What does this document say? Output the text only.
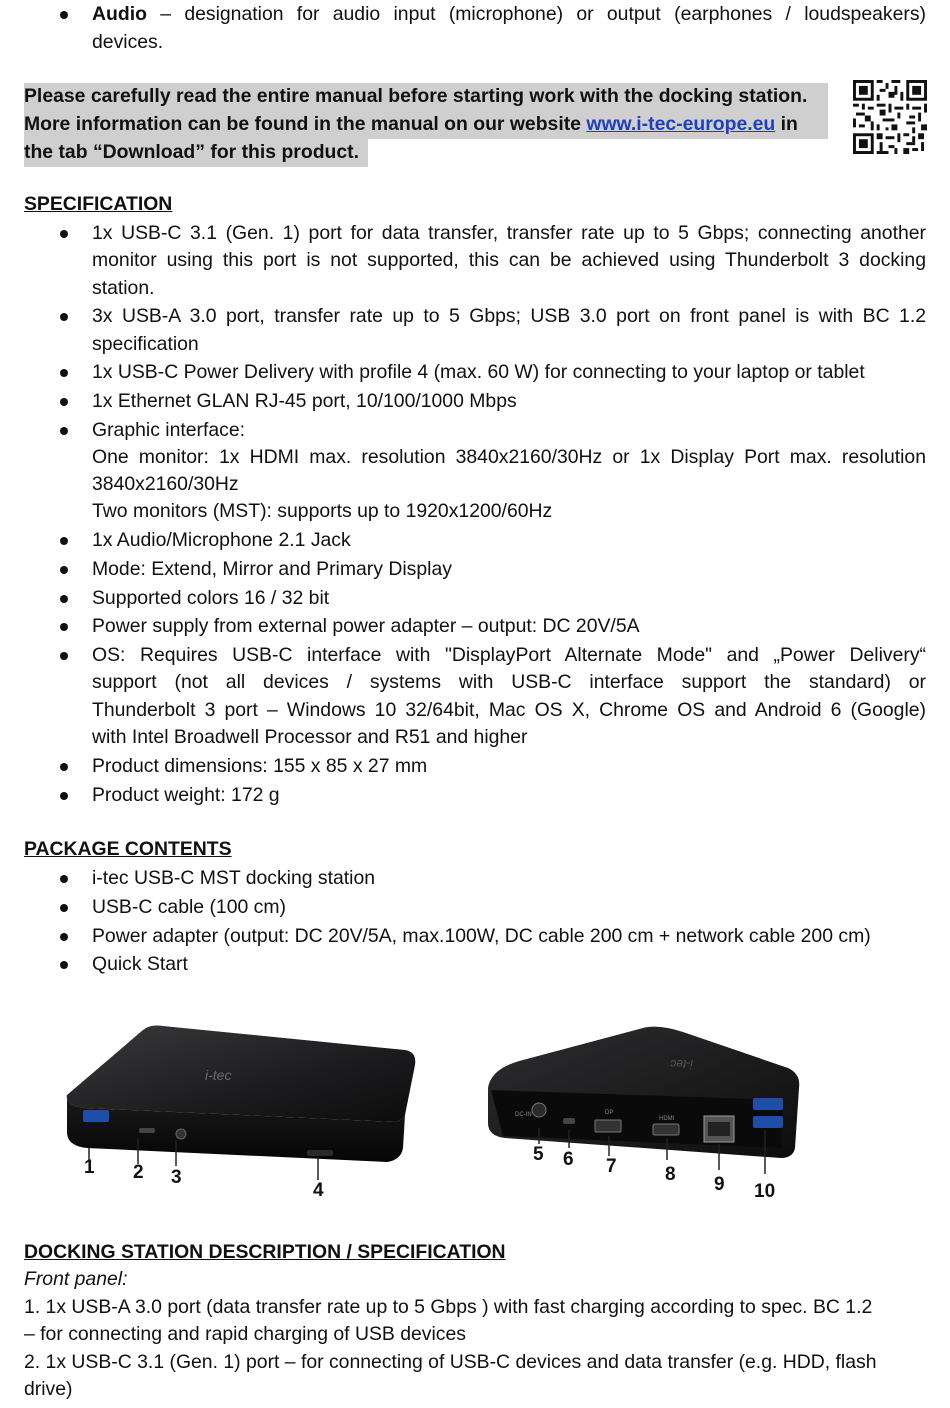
Audio – designation for audio input (microphone) or output (earphones / loudspeakers)
devices.
Please carefully read the entire manual before starting work with the docking station.
More information can be found in the manual on our website www.i-tec-europe.eu in
the tab “Download” for this product.
SPECIFICATION
1x USB-C 3.1 (Gen. 1) port for data transfer, transfer rate up to 5 Gbps; connecting another
monitor using this port is not supported, this can be achieved using Thunderbolt 3 docking
station.
3x USB-A 3.0 port, transfer rate up to 5 Gbps; USB 3.0 port on front panel is with BC 1.2
specification
1x USB-C Power Delivery with profile 4 (max. 60 W) for connecting to your laptop or tablet
1x Ethernet GLAN RJ-45 port, 10/100/1000 Mbps
Graphic interface:
One monitor: 1x HDMI max. resolution 3840x2160/30Hz or 1x Display Port max. resolution
3840x2160/30Hz
Two monitors (MST): supports up to 1920x1200/60Hz
1x Audio/Microphone 2.1 Jack
Mode: Extend, Mirror and Primary Display
Supported colors 16 / 32 bit
Power supply from external power adapter – output: DC 20V/5A
OS: Requires USB-C interface with "DisplayPort Alternate Mode" and „Power Delivery“
support (not all devices / systems with USB-C interface support the standard) or
Thunderbolt 3 port – Windows 10 32/64bit, Mac OS X, Chrome OS and Android 6 (Google)
with Intel Broadwell Processor and R51 and higher
Product dimensions: 155 x 85 x 27 mm
Product weight: 172 g
PACKAGE CONTENTS
i-tec USB-C MST docking station
USB-C cable (100 cm)
Power adapter (output: DC 20V/5A, max.100W, DC cable 200 cm + network cable 200 cm)
Quick Start
i-tec
1 2 3
4
DC-IN	DP
HDMI
i-tec
5 6 7	8 9 10
DOCKING STATION DESCRIPTION / SPECIFICATION
Front panel:
1. 1x USB-A 3.0 port (data transfer rate up to 5 Gbps ) with fast charging according to spec. BC 1.2
– for connecting and rapid charging of USB devices
2. 1x USB-C 3.1 (Gen. 1) port – for connecting of USB-C devices and data transfer (e.g. HDD, flash
drive)
